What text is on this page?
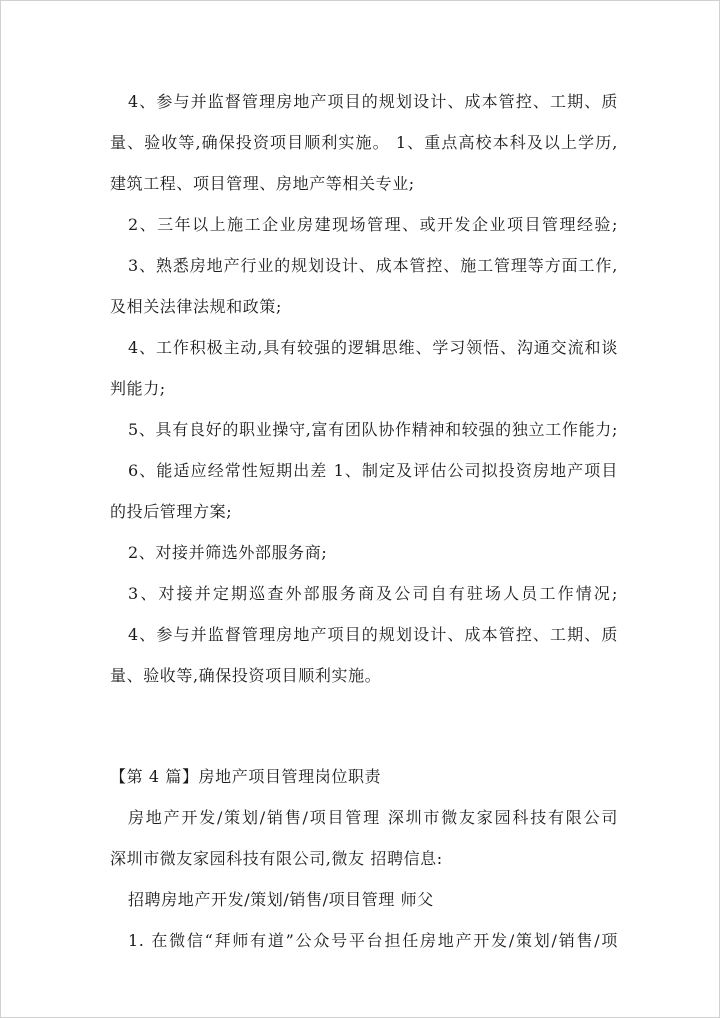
4、参与并监督管理房地产项目的规划设计、成本管控、工期、质

量、验收等,确保投资项目顺利实施。 1、重点高校本科及以上学历,

建筑工程、项目管理、房地产等相关专业;

2、三年以上施工企业房建现场管理、或开发企业项目管理经验;

3、熟悉房地产行业的规划设计、成本管控、施工管理等方面工作,

及相关法律法规和政策;

4、工作积极主动,具有较强的逻辑思维、学习领悟、沟通交流和谈

判能力;

5、具有良好的职业操守,富有团队协作精神和较强的独立工作能力;

6、能适应经常性短期出差 1、制定及评估公司拟投资房地产项目

的投后管理方案;

2、对接并筛选外部服务商;

3、对接并定期巡查外部服务商及公司自有驻场人员工作情况;

4、参与并监督管理房地产项目的规划设计、成本管控、工期、质

量、验收等,确保投资项目顺利实施。

【第 4 篇】房地产项目管理岗位职责

房地产开发/策划/销售/项目管理 深圳市微友家园科技有限公司

深圳市微友家园科技有限公司,微友 招聘信息:

招聘房地产开发/策划/销售/项目管理 师父

1. 在微信“拜师有道”公众号平台担任房地产开发/策划/销售/项
